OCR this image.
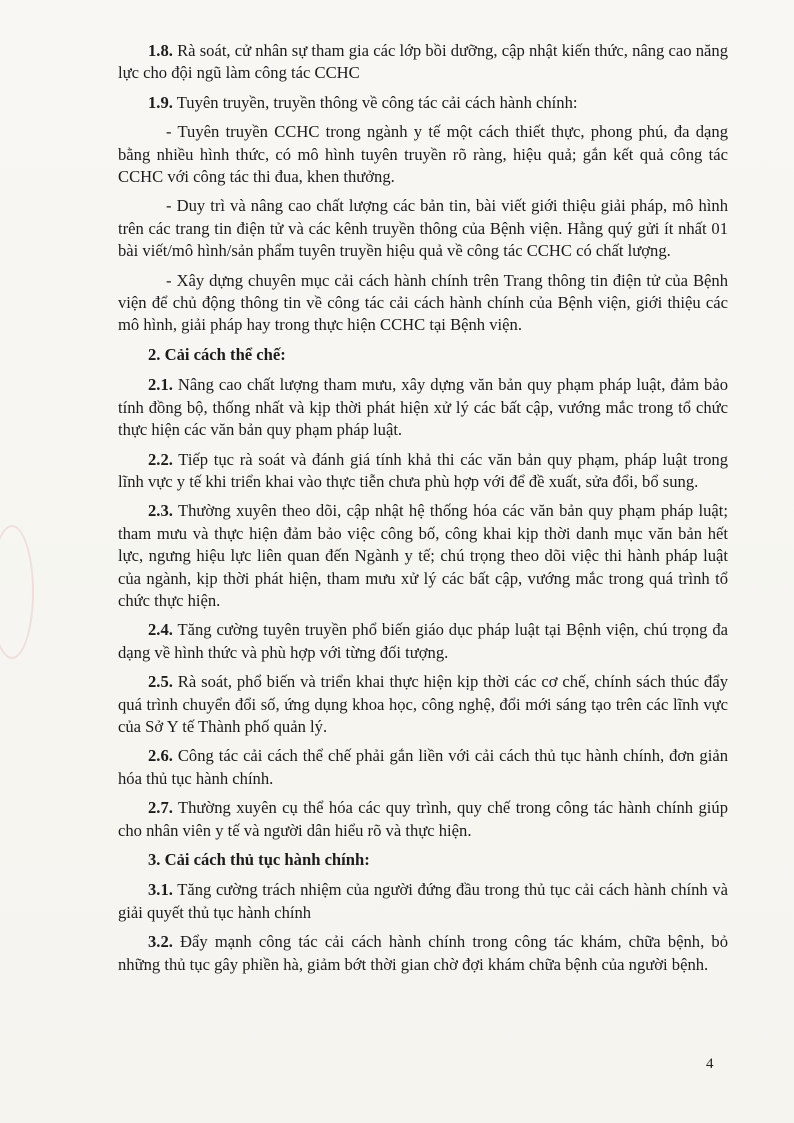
1.8. Rà soát, cử nhân sự tham gia các lớp bồi dưỡng, cập nhật kiến thức, nâng cao năng lực cho đội ngũ làm công tác CCHC

1.9. Tuyên truyền, truyền thông về công tác cải cách hành chính:

- Tuyên truyền CCHC trong ngành y tế một cách thiết thực, phong phú, đa dạng bằng nhiều hình thức, có mô hình tuyên truyền rõ ràng, hiệu quả; gắn kết quả công tác CCHC với công tác thi đua, khen thưởng.

- Duy trì và nâng cao chất lượng các bản tin, bài viết giới thiệu giải pháp, mô hình trên các trang tin điện tử và các kênh truyền thông của Bệnh viện. Hằng quý gửi ít nhất 01 bài viết/mô hình/sản phẩm tuyên truyền hiệu quả về công tác CCHC có chất lượng.

- Xây dựng chuyên mục cải cách hành chính trên Trang thông tin điện tử của Bệnh viện để chủ động thông tin về công tác cải cách hành chính của Bệnh viện, giới thiệu các mô hình, giải pháp hay trong thực hiện CCHC tại Bệnh viện.

2. Cải cách thể chế:

2.1. Nâng cao chất lượng tham mưu, xây dựng văn bản quy phạm pháp luật, đảm bảo tính đồng bộ, thống nhất và kịp thời phát hiện xử lý các bất cập, vướng mắc trong tổ chức thực hiện các văn bản quy phạm pháp luật.

2.2. Tiếp tục rà soát và đánh giá tính khả thi các văn bản quy phạm, pháp luật trong lĩnh vực y tế khi triển khai vào thực tiễn chưa phù hợp với để đề xuất, sửa đổi, bổ sung.

2.3. Thường xuyên theo dõi, cập nhật hệ thống hóa các văn bản quy phạm pháp luật; tham mưu và thực hiện đảm bảo việc công bố, công khai kịp thời danh mục văn bản hết lực, ngưng hiệu lực liên quan đến Ngành y tế; chú trọng theo dõi việc thi hành pháp luật của ngành, kịp thời phát hiện, tham mưu xử lý các bất cập, vướng mắc trong quá trình tổ chức thực hiện.

2.4. Tăng cường tuyên truyền phổ biến giáo dục pháp luật tại Bệnh viện, chú trọng đa dạng về hình thức và phù hợp với từng đối tượng.

2.5. Rà soát, phổ biến và triển khai thực hiện kịp thời các cơ chế, chính sách thúc đẩy quá trình chuyển đổi số, ứng dụng khoa học, công nghệ, đổi mới sáng tạo trên các lĩnh vực của Sở Y tế Thành phố quản lý.

2.6. Công tác cải cách thể chế phải gắn liền với cải cách thủ tục hành chính, đơn giản hóa thủ tục hành chính.

2.7. Thường xuyên cụ thể hóa các quy trình, quy chế trong công tác hành chính giúp cho nhân viên y tế và người dân hiểu rõ và thực hiện.

3. Cải cách thủ tục hành chính:

3.1. Tăng cường trách nhiệm của người đứng đầu trong thủ tục cải cách hành chính và giải quyết thủ tục hành chính

3.2. Đẩy mạnh công tác cải cách hành chính trong công tác khám, chữa bệnh, bỏ những thủ tục gây phiền hà, giảm bớt thời gian chờ đợi khám chữa bệnh của người bệnh.

4
